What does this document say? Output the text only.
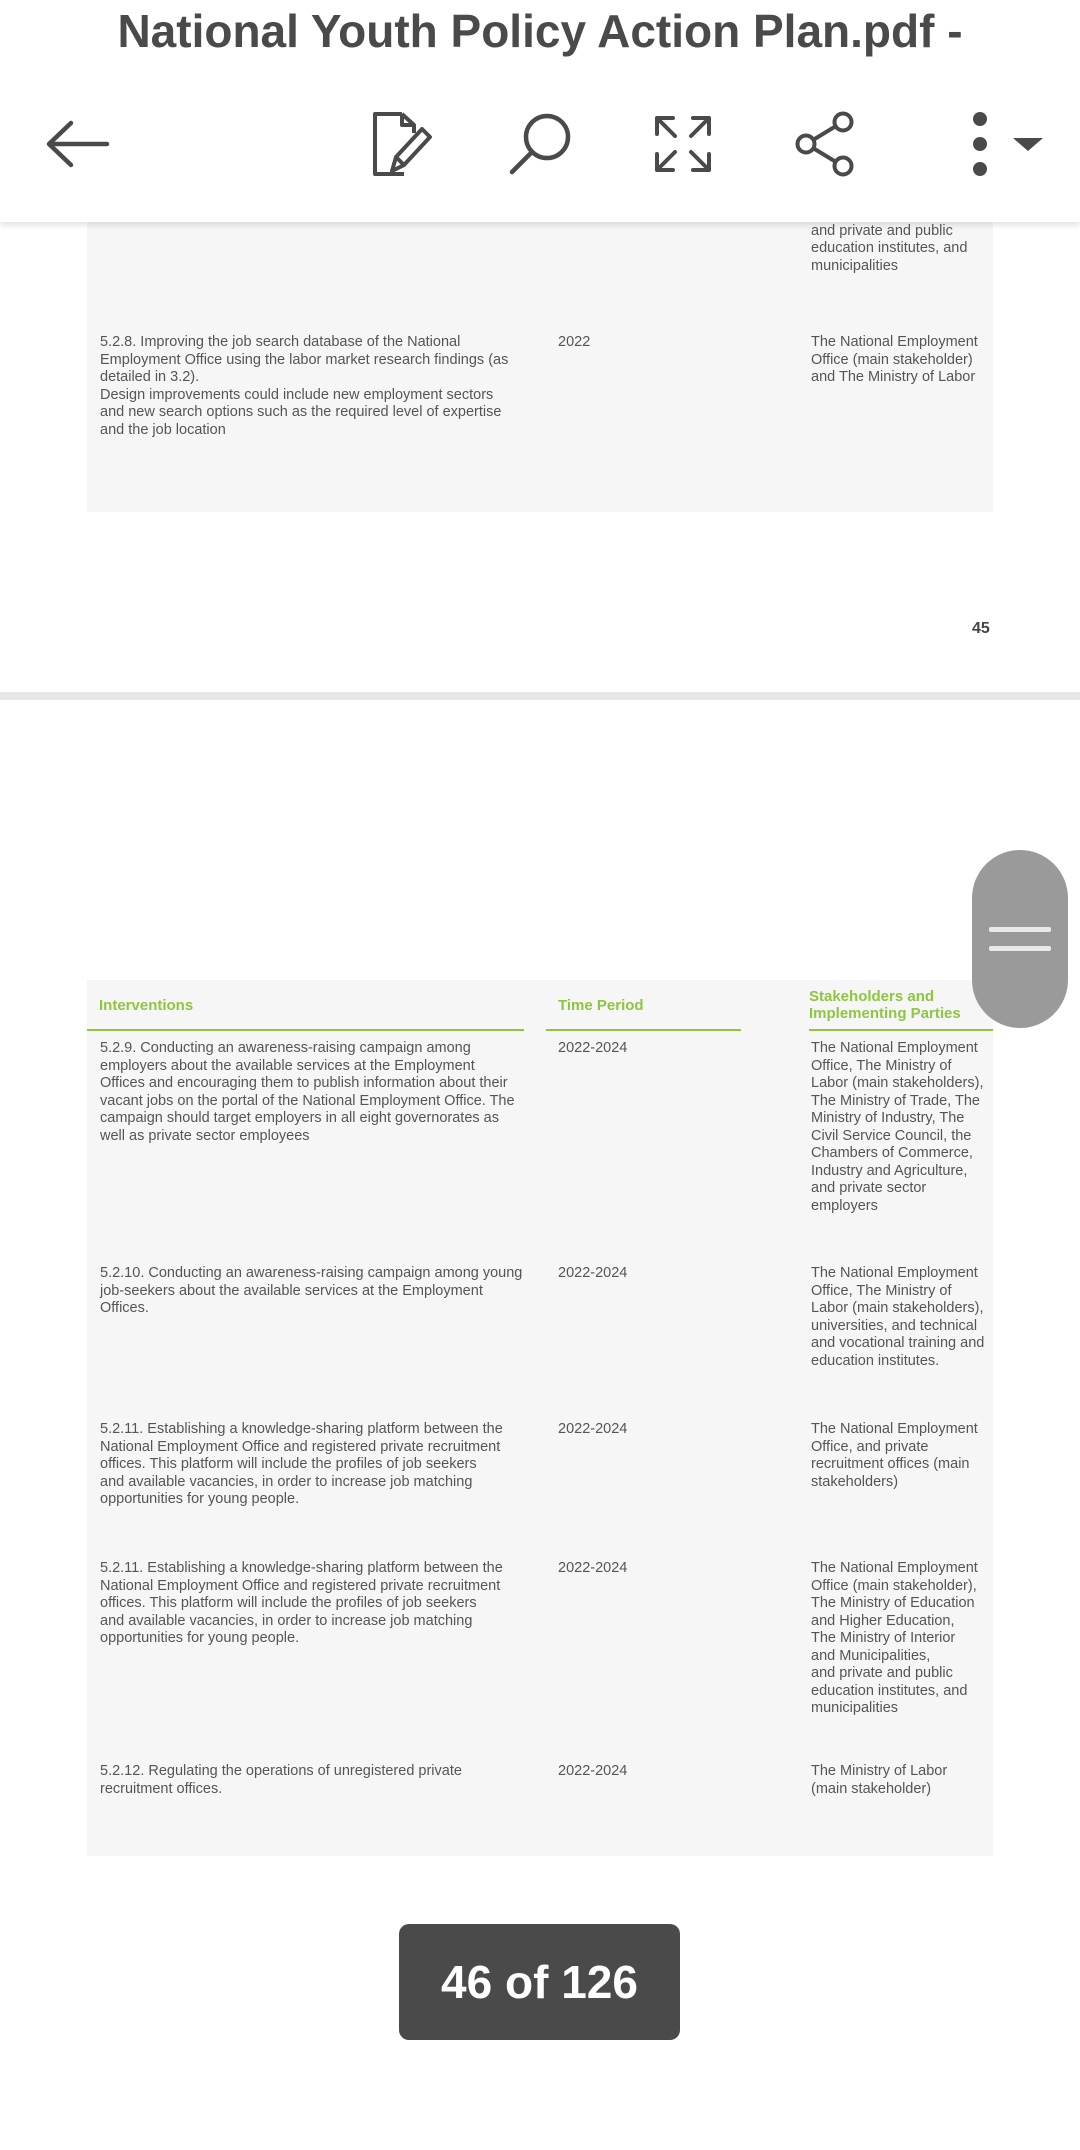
National Youth Policy Action Plan.pdf -

and private and public
education institutes, and
municipalities
5.2.8. Improving the job search database of the National
Employment Office using the labor market research findings (as
detailed in 3.2).
Design improvements could include new employment sectors
and new search options such as the required level of expertise
and the job location
2022	The National Employment
Office (main stakeholder)
and The Ministry of Labor
45
Interventions	Time Period
Stakeholders and
Implementing Parties
5.2.9. Conducting an awareness-raising campaign among
employers about the available services at the Employment
Offices and encouraging them to publish information about their
vacant jobs on the portal of the National Employment Office. The
campaign should target employers in all eight governorates as
well as private sector employees
2022-2024	The National Employment
Office, The Ministry of
Labor (main stakeholders),
The Ministry of Trade, The
Ministry of Industry, The
Civil Service Council, the
Chambers of Commerce,
Industry and Agriculture,
and private sector
employers
5.2.10. Conducting an awareness-raising campaign among young
job-seekers about the available services at the Employment
Offices.
2022-2024	The National Employment
Office, The Ministry of
Labor (main stakeholders),
universities, and technical
and vocational training and
education institutes.
5.2.11. Establishing a knowledge-sharing platform between the
National Employment Office and registered private recruitment
offices. This platform will include the profiles of job seekers
and available vacancies, in order to increase job matching
opportunities for young people.
2022-2024	The National Employment
Office, and private
recruitment offices (main
stakeholders)
5.2.11. Establishing a knowledge-sharing platform between the
National Employment Office and registered private recruitment
offices. This platform will include the profiles of job seekers
and available vacancies, in order to increase job matching
opportunities for young people.
2022-2024	The National Employment
Office (main stakeholder),
The Ministry of Education
and Higher Education,
The Ministry of Interior
and Municipalities,
and private and public
education institutes, and
municipalities
5.2.12. Regulating the operations of unregistered private
recruitment offices.
2022-2024	The Ministry of Labor
(main stakeholder)
46 of 126
